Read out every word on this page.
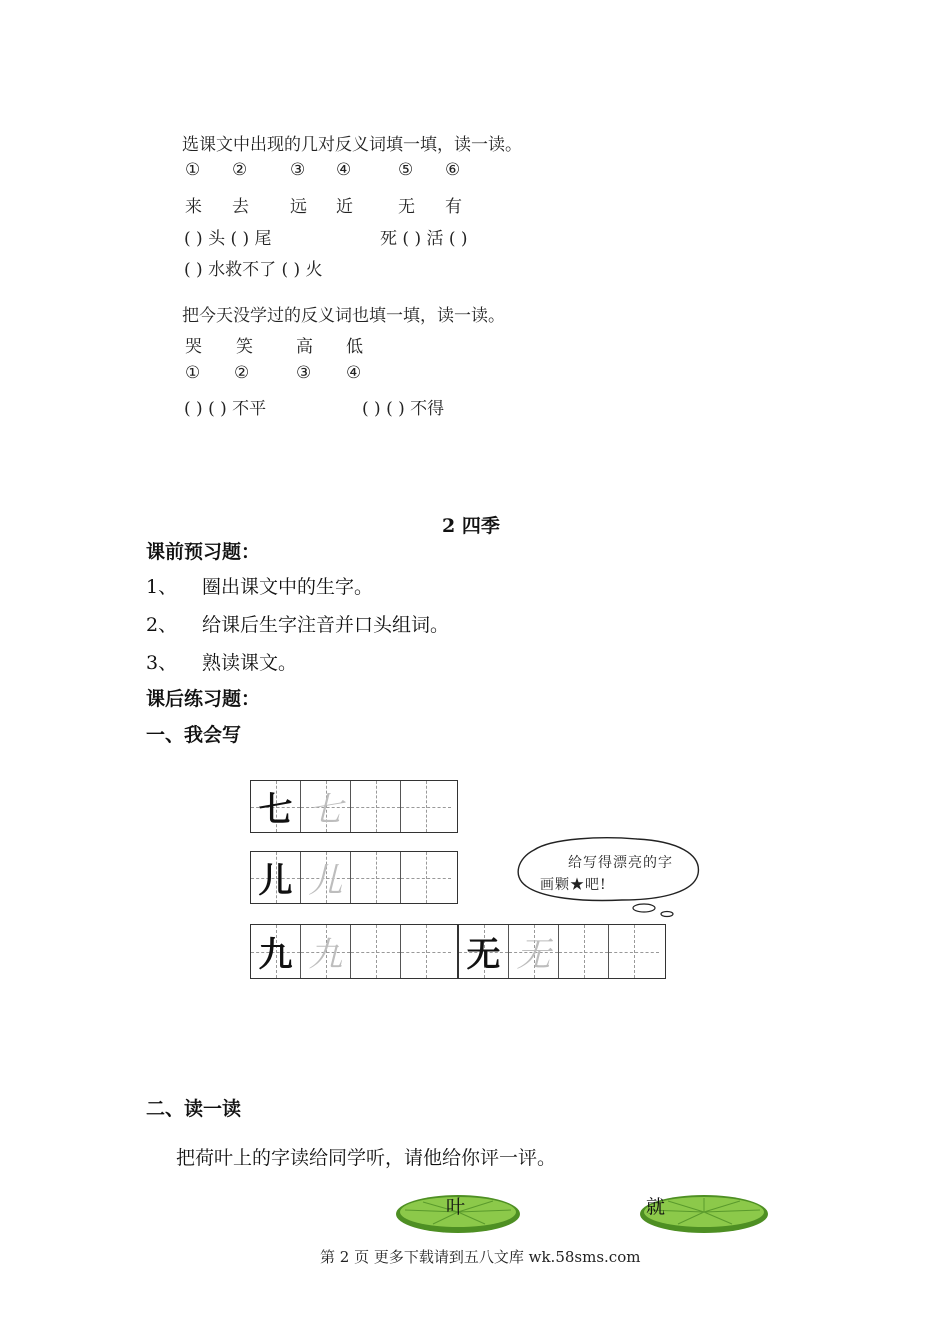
选课文中出现的几对反义词填一填，读一读。
① ②	③ ④	⑤ ⑥
来 去 远 近	无 有
( ) 头 ( ) 尾	死 ( ) 活 ( )
( ) 水救不了 ( ) 火
把今天没学过的反义词也填一填，读一读。
哭 笑	高 低
① ②	③ ④
( ) ( ) 不平	( ) ( ) 不得
2 四季
课前预习题：
1、 圈出课文中的生字。
2、 给课后生字注音并口头组词。
3、 熟读课文。
课后练习题：
一、我会写
七 七
儿 儿
九 九	无 无
给写得漂亮的字
画颗★吧!
二、读一读
把荷叶上的字读给同学听，请他给你评一评。
叶	就
第 2 页 更多下载请到五八文库 wk.58sms.com
